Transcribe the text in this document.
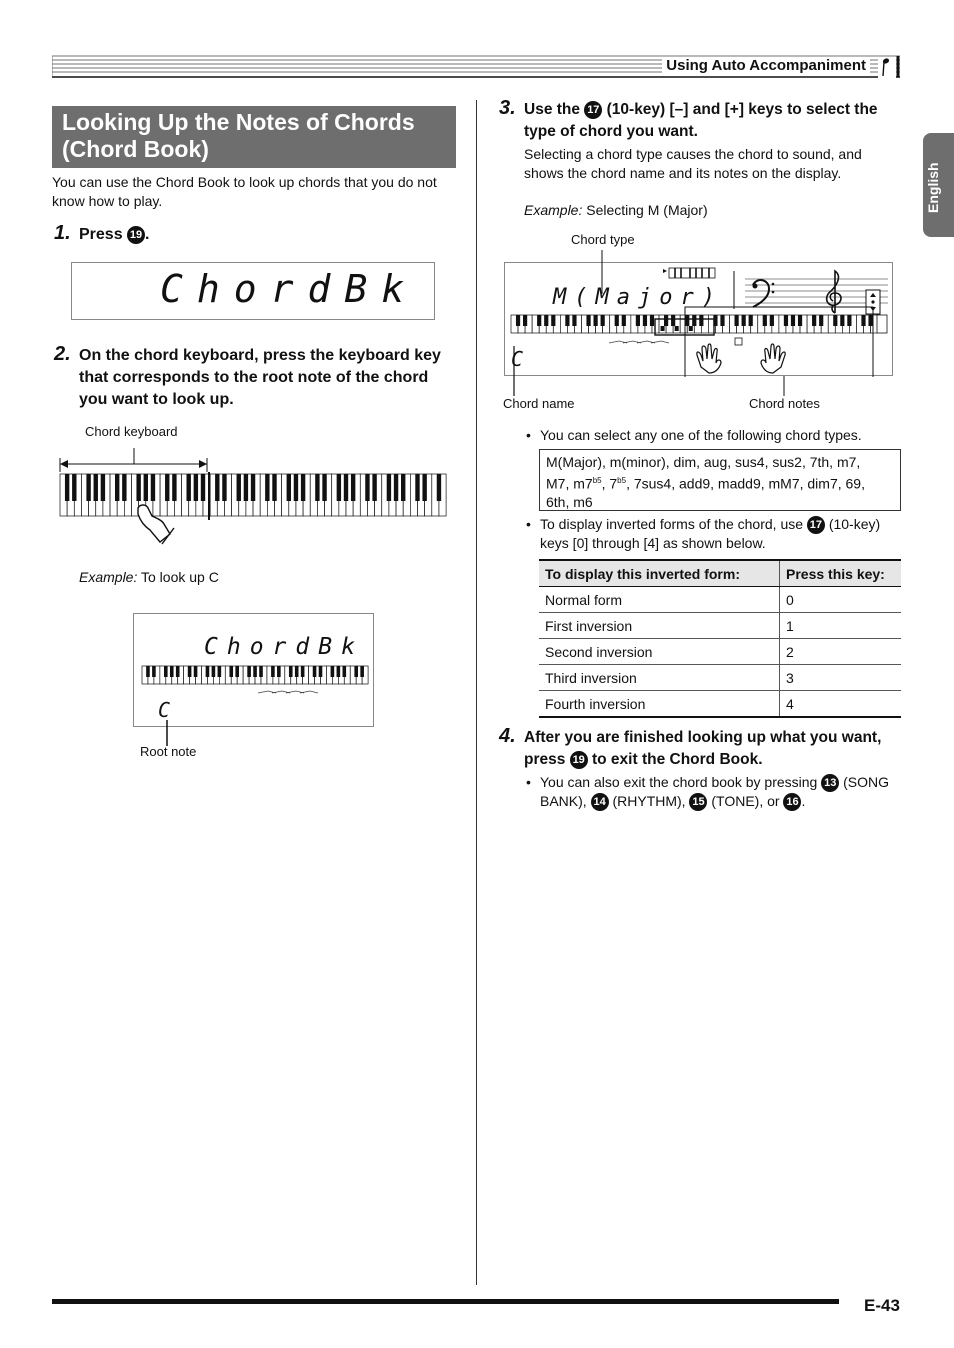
Using Auto Accompaniment
English
Looking Up the Notes of Chords
(Chord Book)
You can use the Chord Book to look up chords that you do not know how to play.
1. Press 19 .
ChordBk
2. On the chord keyboard, press the keyboard key that corresponds to the root note of the chord you want to look up.
Chord keyboard
Example: To look up C
ChordBk
C
Root note
3. Use the 17 (10-key) [–] and [+] keys to select the type of chord you want.
Selecting a chord type causes the chord to sound, and shows the chord name and its notes on the display.
Example: Selecting M (Major)
Chord type
M(Major)
C
Chord name	Chord notes
• You can select any one of the following chord types.
M(Major), m(minor), dim, aug, sus4, sus2, 7th, m7,
M7, $m7^{b5}$, $7^{b5}$, 7sus4, add9, madd9, mM7, dim7, 69,
6th, m6
• To display inverted forms of the chord, use 17 (10-key) keys [0] through [4] as shown below.
To display this inverted form:	Press this key:
Normal form	0
First inversion	1
Second inversion	2
Third inversion	3
Fourth inversion	4
4. After you are finished looking up what you want, press 19 to exit the Chord Book.
• You can also exit the chord book by pressing 13 (SONG BANK), 14 (RHYTHM), 15 (TONE), or 16 .
E-43
